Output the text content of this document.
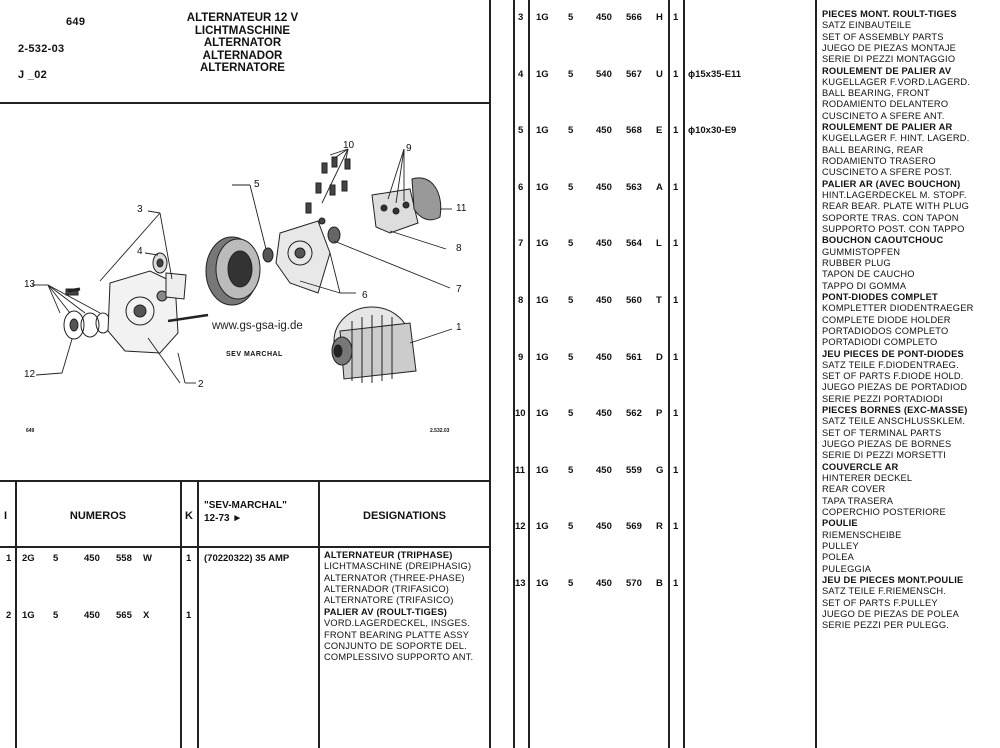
649
2-532-03
J _02
ALTERNATEUR 12 V
LICHTMASCHINE
ALTERNATOR
ALTERNADOR
ALTERNATORE
5
3
4
10	9
11
8
7
6
1
13
12
2
www.gs-gsa-ig.de
SEV MARCHAL
649	2.532.03
I	NUMEROS	K
"SEV-MARCHAL"
12-73 ►	DESIGNATIONS
1 2G 5	450 558 W	1 (70220322) 35 AMP	ALTERNATEUR (TRIPHASE)
LICHTMASCHINE (DREIPHASIG)
ALTERNATOR (THREE-PHASE)
ALTERNADOR (TRIFASICO)
ALTERNATORE (TRIFASICO)
2 1G 5	450 565 X	1	PALIER AV (ROULT-TIGES)
VORD.LAGERDECKEL, INSGES.
FRONT BEARING PLATTE ASSY
CONJUNTO DE SOPORTE DEL.
COMPLESSIVO SUPPORTO ANT.
3 1G 5 450 566 H 1	PIECES MONT. ROULT-TIGES
SATZ EINBAUTEILE
SET OF ASSEMBLY PARTS
JUEGO DE PIEZAS MONTAJE
SERIE DI PEZZI MONTAGGIO
4 1G 5 540 567 U 1 ϕ15x35-E11	ROULEMENT DE PALIER AV
KUGELLAGER F.VORD.LAGERD.
BALL BEARING, FRONT
RODAMIENTO DELANTERO
CUSCINETO A SFERE ANT.
5 1G 5 450 568 E 1 ϕ10x30-E9	ROULEMENT DE PALIER AR
KUGELLAGER F. HINT. LAGERD.
BALL BEARING, REAR
RODAMIENTO TRASERO
CUSCINETO A SFERE POST.
6 1G 5 450 563 A 1	PALIER AR (AVEC BOUCHON)
HINT.LAGERDECKEL M. STOPF.
REAR BEAR. PLATE WITH PLUG
SOPORTE TRAS. CON TAPON
SUPPORTO POST. CON TAPPO
7 1G 5 450 564 L 1	BOUCHON CAOUTCHOUC
GUMMISTOPFEN
RUBBER PLUG
TAPON DE CAUCHO
TAPPO DI GOMMA
8 1G 5 450 560 T 1	PONT-DIODES COMPLET
KOMPLETTER DIODENTRAEGER
COMPLETE DIODE HOLDER
PORTADIODOS COMPLETO
PORTADIODI COMPLETO
9 1G 5 450 561 D 1	JEU PIECES DE PONT-DIODES
SATZ TEILE F.DIODENTRAEG.
SET OF PARTS F.DIODE HOLD.
JUEGO PIEZAS DE PORTADIOD
SERIE PEZZI PORTADIODI
10 1G 5 450 562 P 1	PIECES BORNES (EXC-MASSE)
SATZ TEILE ANSCHLUSSKLEM.
SET OF TERMINAL PARTS
JUEGO PIEZAS DE BORNES
SERIE DI PEZZI MORSETTI
11 1G 5 450 559 G 1	COUVERCLE AR
HINTERER DECKEL
REAR COVER
TAPA TRASERA
COPERCHIO POSTERIORE
12 1G 5 450 569 R 1	POULIE
RIEMENSCHEIBE
PULLEY
POLEA
PULEGGIA
13 1G 5 450 570 B 1	JEU DE PIECES MONT.POULIE
SATZ TEILE F.RIEMENSCH.
SET OF PARTS F.PULLEY
JUEGO DE PIEZAS DE POLEA
SERIE PEZZI PER PULEGG.
